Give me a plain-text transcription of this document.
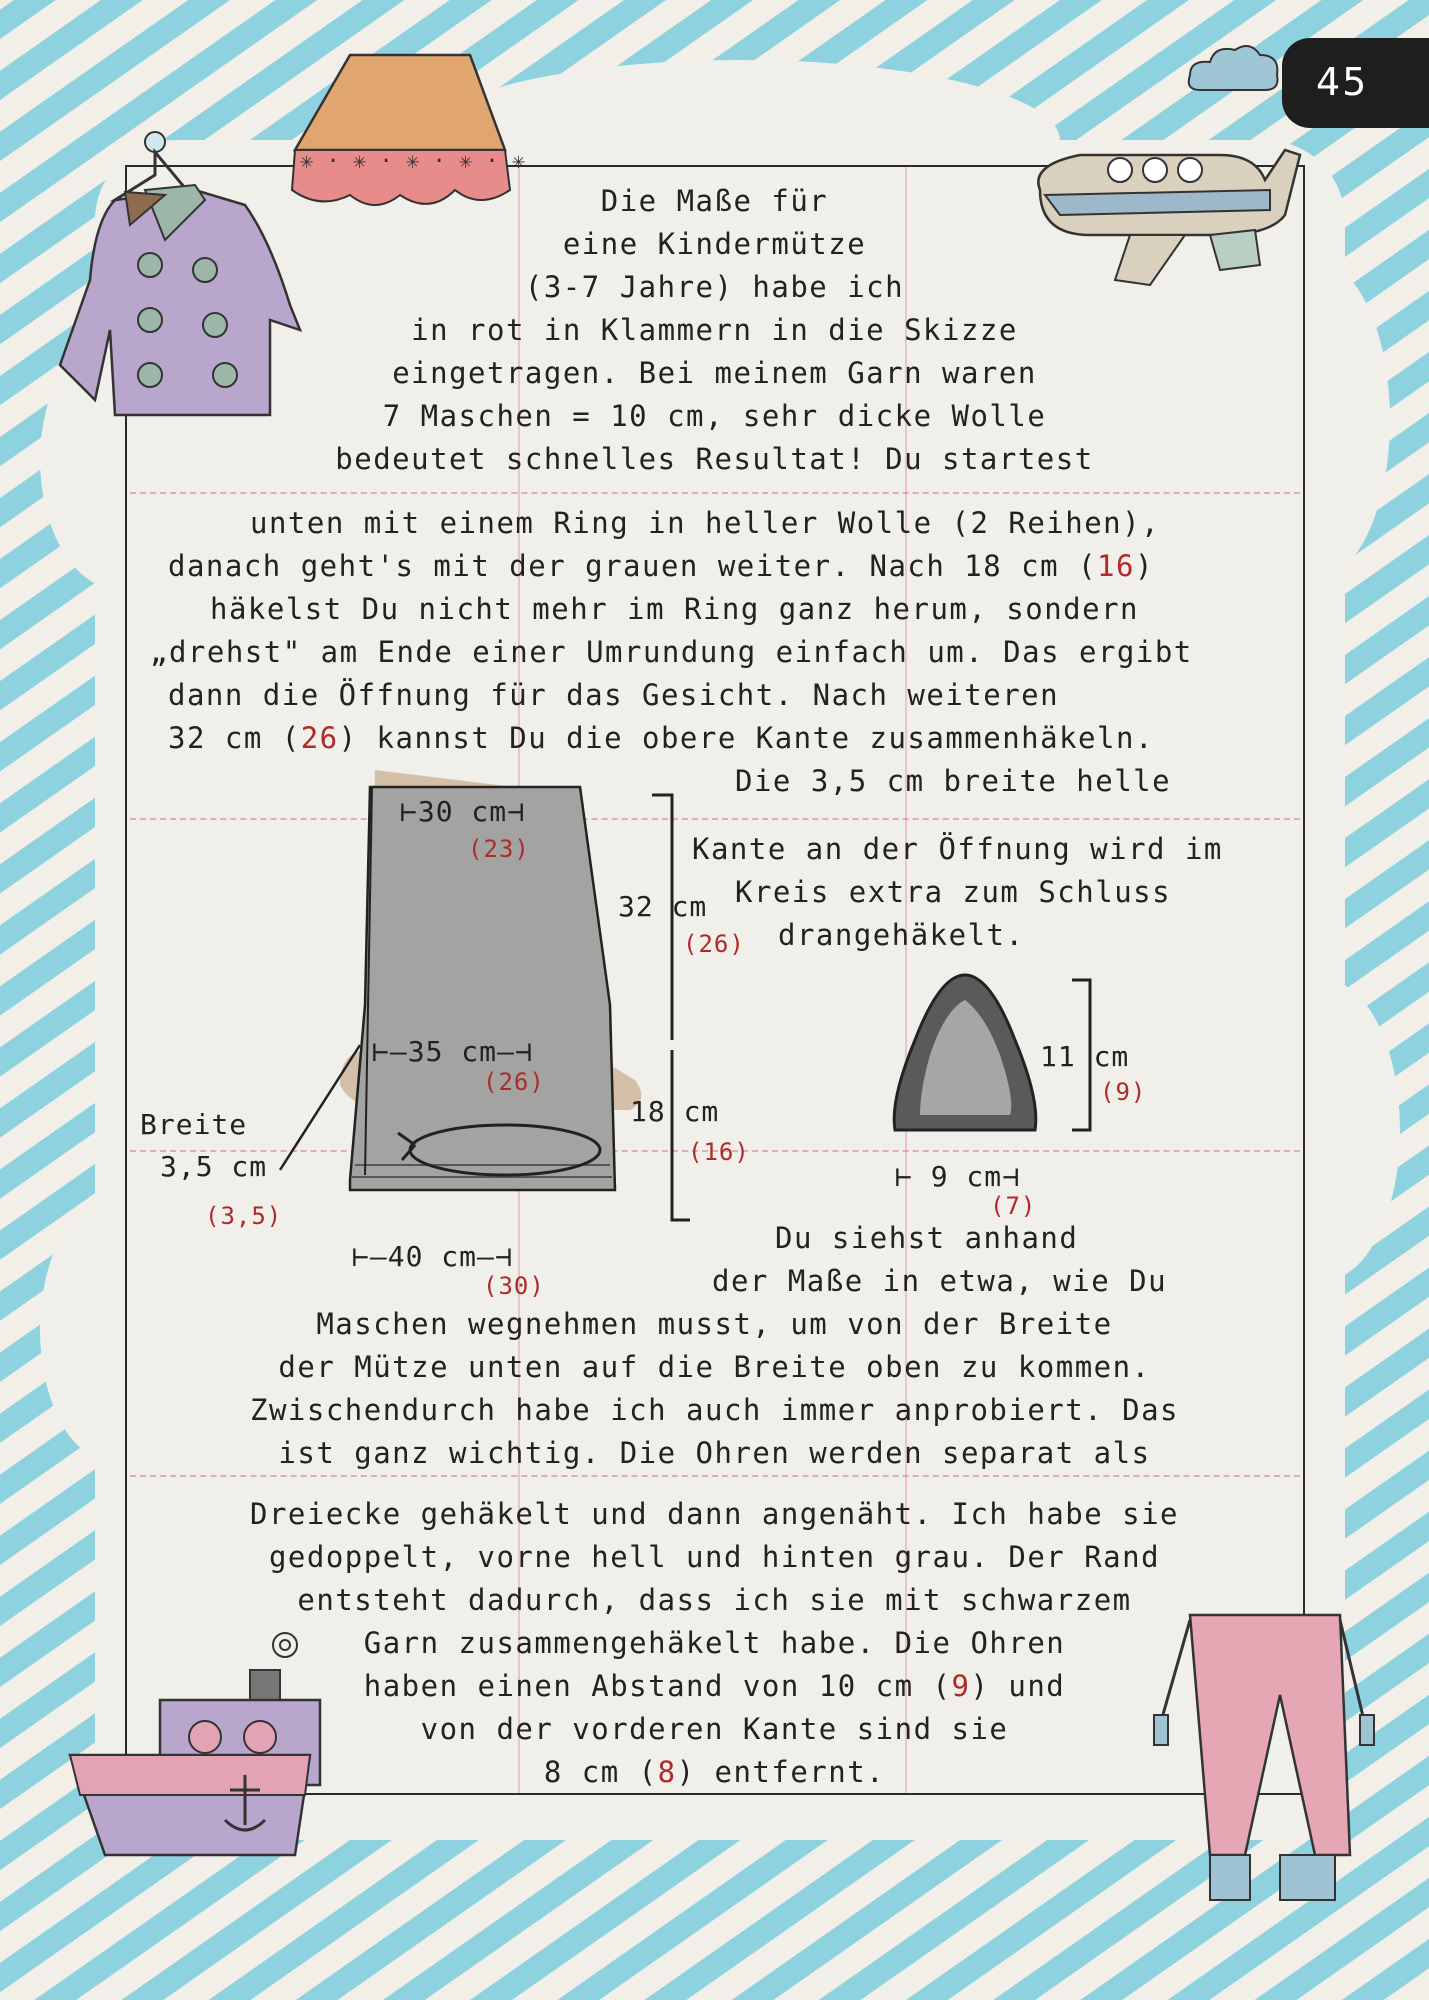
45
✳ · ✳ · ✳ · ✳ · ✳
⊢30 cm⊣
(23)
⊢—35 cm—⊣
(26)
⊢—40 cm—⊣
(30)
32 cm
(26)
18 cm
(16)
Breite
3,5 cm
(3,5)
11 cm
(9)
⊢ 9 cm⊣
(7)
Die Maße für
eine Kindermütze
(3-7 Jahre) habe ich
in rot in Klammern in die Skizze
eingetragen. Bei meinem Garn waren
7 Maschen = 10 cm, sehr dicke Wolle
bedeutet schnelles Resultat! Du startest
unten mit einem Ring in heller Wolle (2 Reihen),
danach geht's mit der grauen weiter. Nach 18 cm (16)
häkelst Du nicht mehr im Ring ganz herum, sondern
„drehst" am Ende einer Umrundung einfach um. Das ergibt
dann die Öffnung für das Gesicht. Nach weiteren
32 cm (26) kannst Du die obere Kante zusammenhäkeln.
Die 3,5 cm breite helle
Kante an der Öffnung wird im
Kreis extra zum Schluss
drangehäkelt.
Du siehst anhand
der Maße in etwa, wie Du
Maschen wegnehmen musst, um von der Breite
der Mütze unten auf die Breite oben zu kommen.
Zwischendurch habe ich auch immer anprobiert. Das
ist ganz wichtig. Die Ohren werden separat als
Dreiecke gehäkelt und dann angenäht. Ich habe sie
gedoppelt, vorne hell und hinten grau. Der Rand
entsteht dadurch, dass ich sie mit schwarzem
Garn zusammengehäkelt habe. Die Ohren
haben einen Abstand von 10 cm (9) und
von der vorderen Kante sind sie
8 cm (8) entfernt.
